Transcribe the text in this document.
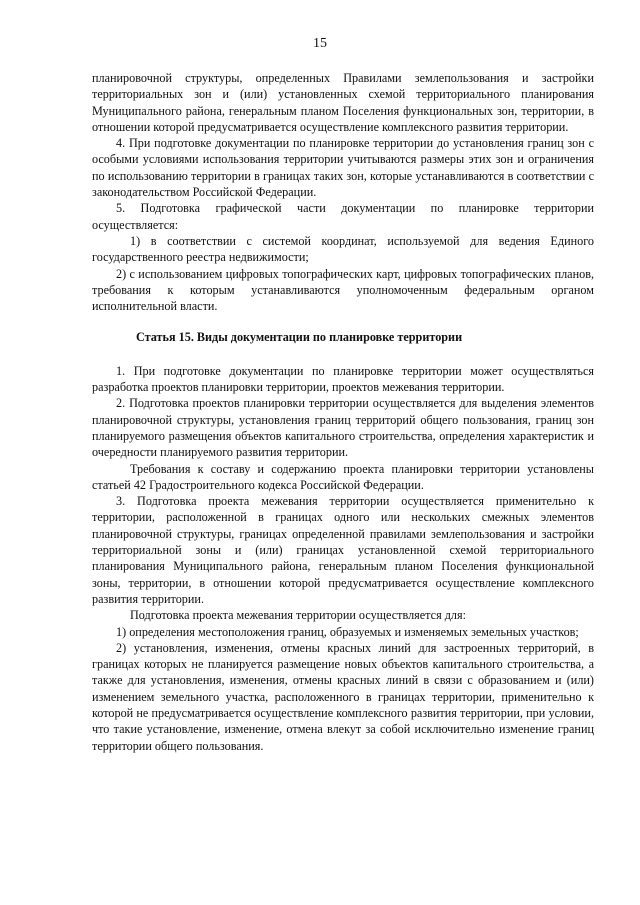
15

планировочной структуры, определенных Правилами землепользования и застройки территориальных зон и (или) установленных схемой территориального планирования Муниципального района, генеральным планом Поселения функциональных зон, территории, в отношении которой предусматривается осуществление комплексного развития территории.

4. При подготовке документации по планировке территории до установления границ зон с особыми условиями использования территории учитываются размеры этих зон и ограничения по использованию территории в границах таких зон, которые устанавливаются в соответствии с законодательством Российской Федерации.

5. Подготовка графической части документации по планировке территории осуществляется:

1) в соответствии с системой координат, используемой для ведения Единого государственного реестра недвижимости;

2) с использованием цифровых топографических карт, цифровых топографических планов, требования к которым устанавливаются уполномоченным федеральным органом исполнительной власти.

Статья 15. Виды документации по планировке территории

1. При подготовке документации по планировке территории может осуществляться разработка проектов планировки территории, проектов межевания территории.

2. Подготовка проектов планировки территории осуществляется для выделения элементов планировочной структуры, установления границ территорий общего пользования, границ зон планируемого размещения объектов капитального строительства, определения характеристик и очередности планируемого развития территории.

Требования к составу и содержанию проекта планировки территории установлены статьей 42 Градостроительного кодекса Российской Федерации.

3. Подготовка проекта межевания территории осуществляется применительно к территории, расположенной в границах одного или нескольких смежных элементов планировочной структуры, границах определенной правилами землепользования и застройки территориальной зоны и (или) границах установленной схемой территориального планирования Муниципального района, генеральным планом Поселения функциональной зоны, территории, в отношении которой предусматривается осуществление комплексного развития территории.

Подготовка проекта межевания территории осуществляется для:

1) определения местоположения границ, образуемых и изменяемых земельных участков;

2) установления, изменения, отмены красных линий для застроенных территорий, в границах которых не планируется размещение новых объектов капитального строительства, а также для установления, изменения, отмены красных линий в связи с образованием и (или) изменением земельного участка, расположенного в границах территории, применительно к которой не предусматривается осуществление комплексного развития территории, при условии, что такие установление, изменение, отмена влекут за собой исключительно изменение границ территории общего пользования.
